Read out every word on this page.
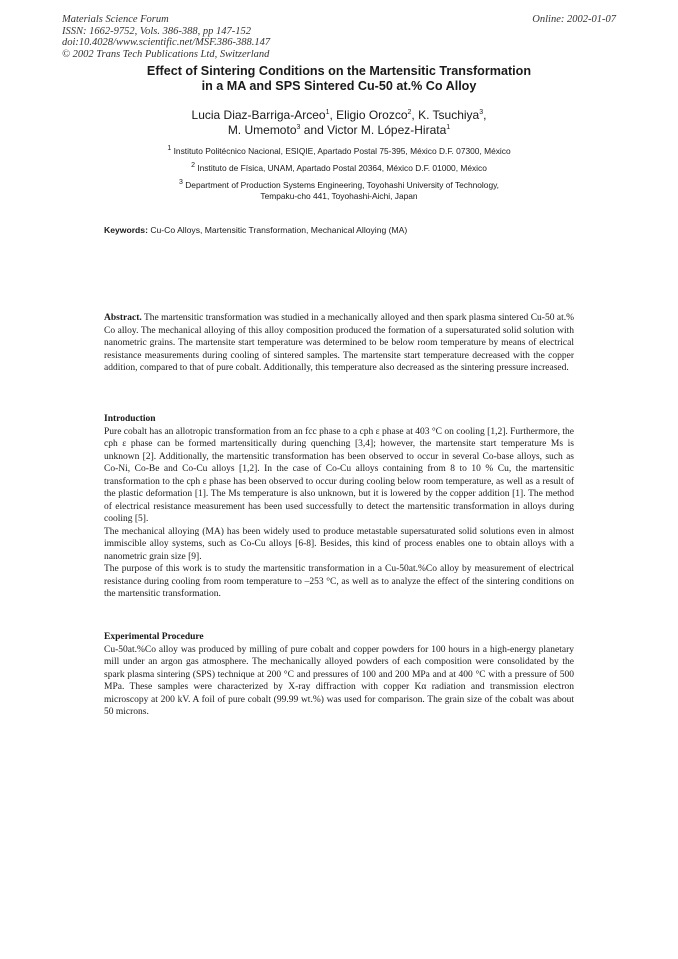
Materials Science Forum
ISSN: 1662-9752, Vols. 386-388, pp 147-152
doi:10.4028/www.scientific.net/MSF.386-388.147
© 2002 Trans Tech Publications Ltd, Switzerland
Online: 2002-01-07
Effect of Sintering Conditions on the Martensitic Transformation
in a MA and SPS Sintered Cu-50 at.% Co Alloy
Lucia Diaz-Barriga-Arceo$^1$, Eligio Orozco$^2$, K. Tsuchiya$^3$,
M. Umemoto$^3$ and Victor M. López-Hirata$^1$
$^1$ Instituto Politécnico Nacional, ESIQIE, Apartado Postal 75-395, México D.F. 07300, México
$^2$ Instituto de Física, UNAM, Apartado Postal 20364, México D.F. 01000, México
$^3$ Department of Production Systems Engineering, Toyohashi University of Technology,
Tempaku-cho 441, Toyohashi-Aichi, Japan
Keywords: Cu-Co Alloys, Martensitic Transformation, Mechanical Alloying (MA)

Abstract. The martensitic transformation was studied in a mechanically alloyed and then spark plasma sintered Cu-50 at.% Co alloy. The mechanical alloying of this alloy composition produced the formation of a supersaturated solid solution with nanometric grains. The martensite start temperature was determined to be below room temperature by means of electrical resistance measurements during cooling of sintered samples. The martensite start temperature decreased with the copper addition, compared to that of pure cobalt. Additionally, this temperature also decreased as the sintering pressure increased.

Introduction

Pure cobalt has an allotropic transformation from an fcc phase to a cph ε phase at 403 °C on cooling [1,2]. Furthermore, the cph ε phase can be formed martensitically during quenching [3,4]; however, the martensite start temperature Ms is unknown [2]. Additionally, the martensitic transformation has been observed to occur in several Co-base alloys, such as Co-Ni, Co-Be and Co-Cu alloys [1,2]. In the case of Co-Cu alloys containing from 8 to 10 % Cu, the martensitic transformation to the cph ε phase has been observed to occur during cooling below room temperature, as well as a result of the plastic deformation [1]. The Ms temperature is also unknown, but it is lowered by the copper addition [1]. The method of electrical resistance measurement has been used successfully to detect the martensitic transformation in alloys during cooling [5].

The mechanical alloying (MA) has been widely used to produce metastable supersaturated solid solutions even in almost immiscible alloy systems, such as Co-Cu alloys [6-8]. Besides, this kind of process enables one to obtain alloys with a nanometric grain size [9].

The purpose of this work is to study the martensitic transformation in a Cu-50at.%Co alloy by measurement of electrical resistance during cooling from room temperature to –253 °C, as well as to analyze the effect of the sintering conditions on the martensitic transformation.

Experimental Procedure

Cu-50at.%Co alloy was produced by milling of pure cobalt and copper powders for 100 hours in a high-energy planetary mill under an argon gas atmosphere. The mechanically alloyed powders of each composition were consolidated by the spark plasma sintering (SPS) technique at 200 °C and pressures of 100 and 200 MPa and at 400 °C with a pressure of 500 MPa. These samples were characterized by X-ray diffraction with copper Kα radiation and transmission electron microscopy at 200 kV. A foil of pure cobalt (99.99 wt.%) was used for comparison. The grain size of the cobalt was about 50 microns.
